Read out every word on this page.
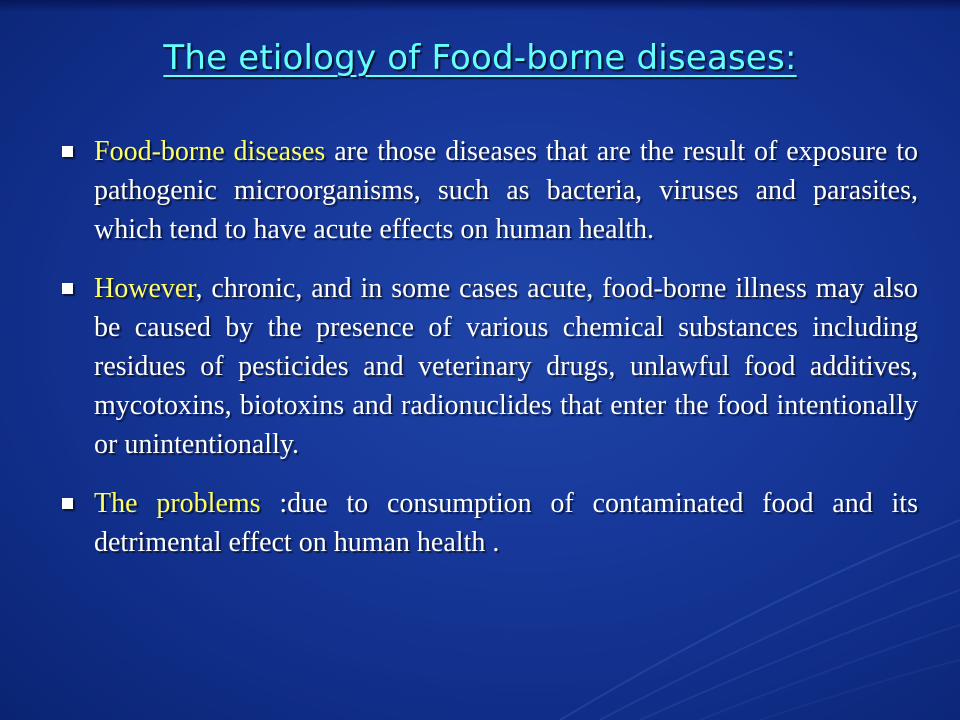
The etiology of Food-borne diseases:
Food-borne diseases are those diseases that are the result of exposure to pathogenic microorganisms, such as bacteria, viruses and parasites, which tend to have acute effects on human health.
However, chronic, and in some cases acute, food-borne illness may also be caused by the presence of various chemical substances including residues of pesticides and veterinary drugs, unlawful food additives, mycotoxins, biotoxins and radionuclides that enter the food intentionally or unintentionally.
The problems :due to consumption of contaminated food and its detrimental effect on human health .
